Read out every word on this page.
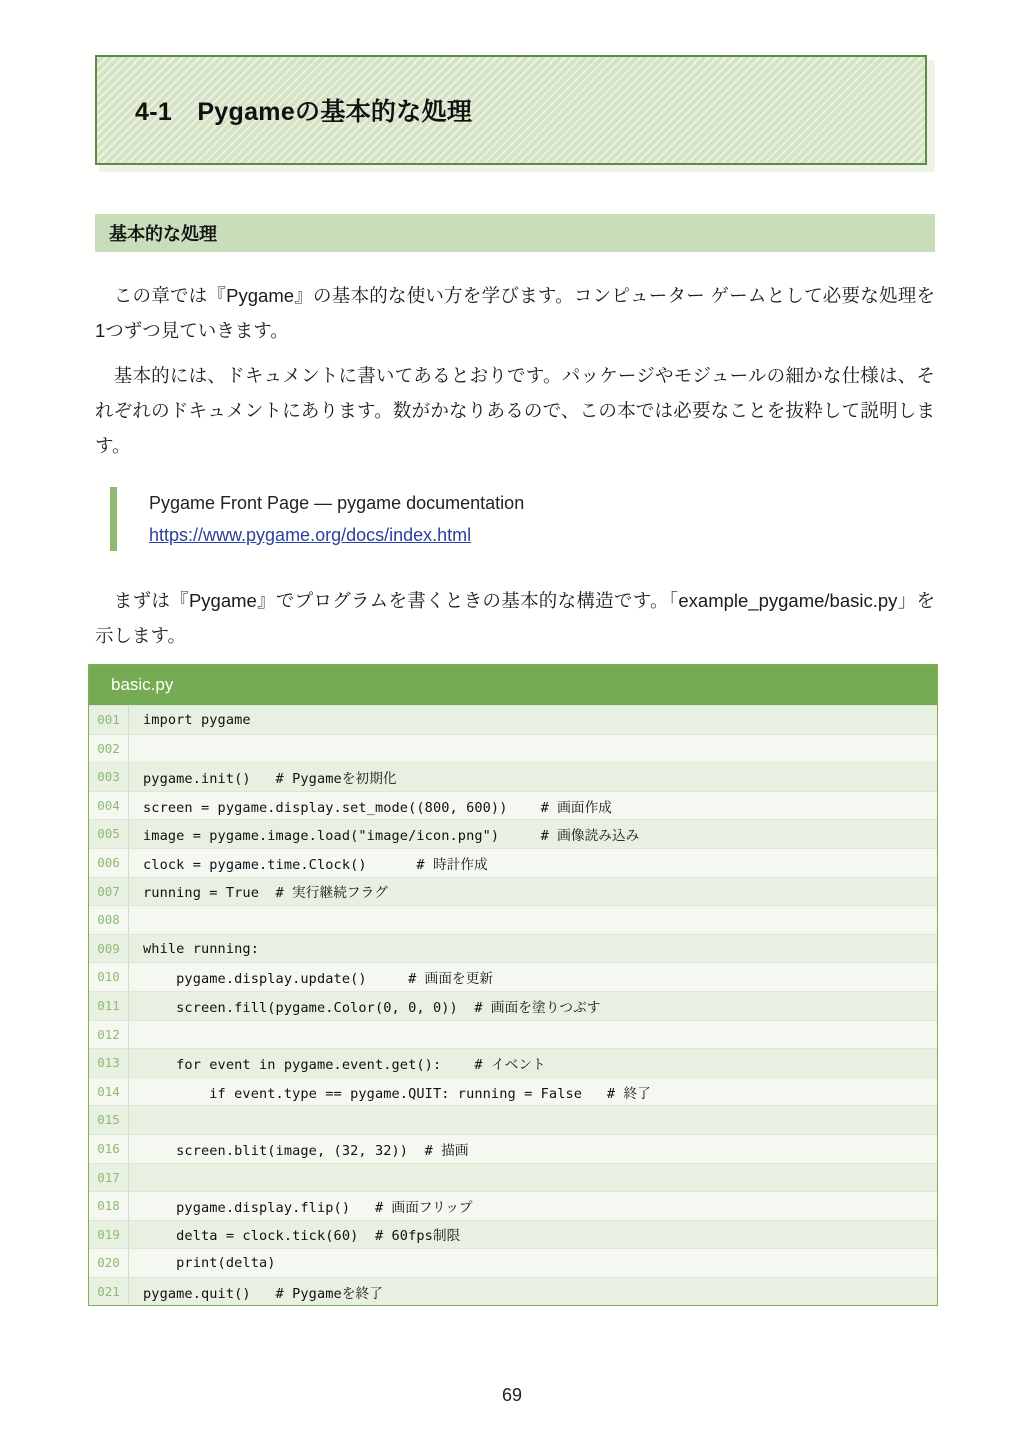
4-1　Pygameの基本的な処理
基本的な処理
　この章では『Pygame』の基本的な使い方を学びます。コンピューター ゲームとして必要な処理を1つずつ見ていきます。
　基本的には、ドキュメントに書いてあるとおりです。パッケージやモジュールの細かな仕様は、それぞれのドキュメントにあります。数がかなりあるので、この本では必要なことを抜粋して説明します。
Pygame Front Page — pygame documentation
https://www.pygame.org/docs/index.html
　まずは『Pygame』でプログラムを書くときの基本的な構造です。「example_pygame/basic.py」を示します。
basic.py
001	import pygame
002
003	pygame.init()   # Pygameを初期化
004	screen = pygame.display.set_mode((800, 600))    # 画面作成
005	image = pygame.image.load("image/icon.png")     # 画像読み込み
006	clock = pygame.time.Clock()      # 時計作成
007	running = True  # 実行継続フラグ
008
009	while running:
010	pygame.display.update()     # 画面を更新
011	screen.fill(pygame.Color(0, 0, 0))  # 画面を塗りつぶす
012
013	for event in pygame.event.get():    # イベント
014	if event.type == pygame.QUIT: running = False   # 終了
015
016	screen.blit(image, (32, 32))  # 描画
017
018	pygame.display.flip()   # 画面フリップ
019	delta = clock.tick(60)  # 60fps制限
020	print(delta)
021	pygame.quit()   # Pygameを終了
69
